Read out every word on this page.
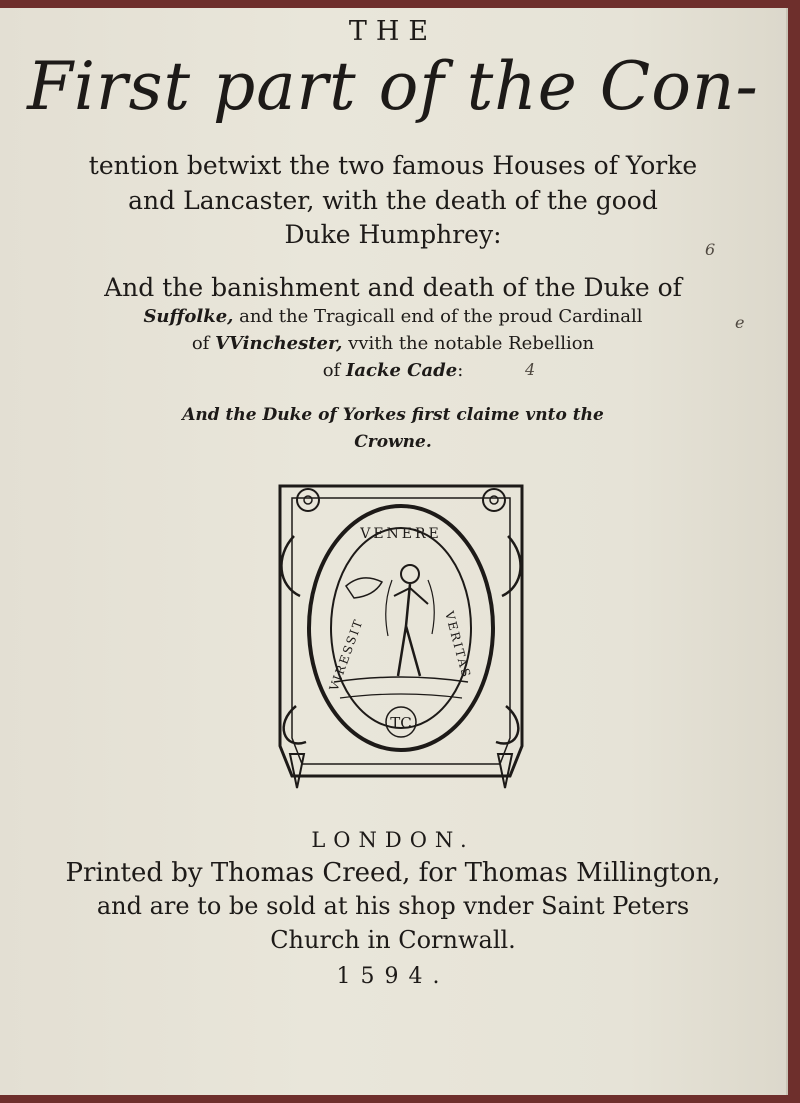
THE
First part of the Con-
tention betwixt the two famous Houses of Yorke
and Lancaster, with the death of the good
Duke Humphrey:
And the banishment and death of the Duke of
Suffolke, and the Tragicall end of the proud Cardinall
of VVinchester, vvith the notable Rebellion
of Iacke Cade:
And the Duke of Yorkes first claime vnto the
Crowne.
VENERE
VIRESSIT	VERITAS
TC
LONDON.
Printed by Thomas Creed, for Thomas Millington,
and are to be sold at his shop vnder Saint Peters
Church in Cornwall.
1594.
6
e
4
